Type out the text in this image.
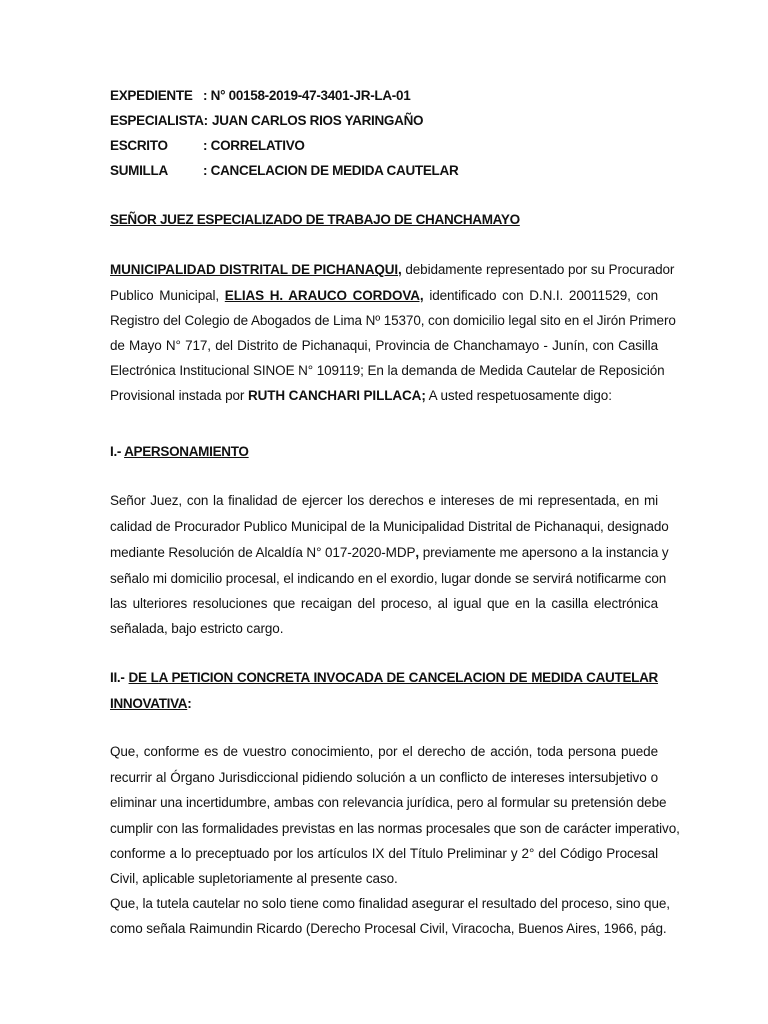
EXPEDIENTE : N° 00158-2019-47-3401-JR-LA-01
ESPECIALISTA: JUAN CARLOS RIOS YARINGAÑO
ESCRITO	: CORRELATIVO
SUMILLA	: CANCELACION DE MEDIDA CAUTELAR
SEÑOR JUEZ ESPECIALIZADO DE TRABAJO DE CHANCHAMAYO
MUNICIPALIDAD DISTRITAL DE PICHANAQUI, debidamente representado por su Procurador
Publico Municipal, ELIAS H. ARAUCO CORDOVA, identificado con D.N.I. 20011529, con
Registro del Colegio de Abogados de Lima Nº 15370, con domicilio legal sito en el Jirón Primero
de Mayo N° 717, del Distrito de Pichanaqui, Provincia de Chanchamayo - Junín, con Casilla
Electrónica Institucional SINOE N° 109119; En la demanda de Medida Cautelar de Reposición
Provisional instada por RUTH CANCHARI PILLACA; A usted respetuosamente digo:
I.- APERSONAMIENTO
Señor Juez, con la finalidad de ejercer los derechos e intereses de mi representada, en mi
calidad de Procurador Publico Municipal de la Municipalidad Distrital de Pichanaqui, designado
mediante Resolución de Alcaldía N° 017-2020-MDP, previamente me apersono a la instancia y
señalo mi domicilio procesal, el indicando en el exordio, lugar donde se servirá notificarme con
las ulteriores resoluciones que recaigan del proceso, al igual que en la casilla electrónica
señalada, bajo estricto cargo.
II.- DE LA PETICION CONCRETA INVOCADA DE CANCELACION DE MEDIDA CAUTELAR
INNOVATIVA:
Que, conforme es de vuestro conocimiento, por el derecho de acción, toda persona puede
recurrir al Órgano Jurisdiccional pidiendo solución a un conflicto de intereses intersubjetivo o
eliminar una incertidumbre, ambas con relevancia jurídica, pero al formular su pretensión debe
cumplir con las formalidades previstas en las normas procesales que son de carácter imperativo,
conforme a lo preceptuado por los artículos IX del Título Preliminar y 2° del Código Procesal
Civil, aplicable supletoriamente al presente caso.
Que, la tutela cautelar no solo tiene como finalidad asegurar el resultado del proceso, sino que,
como señala Raimundin Ricardo (Derecho Procesal Civil, Viracocha, Buenos Aires, 1966, pág.
